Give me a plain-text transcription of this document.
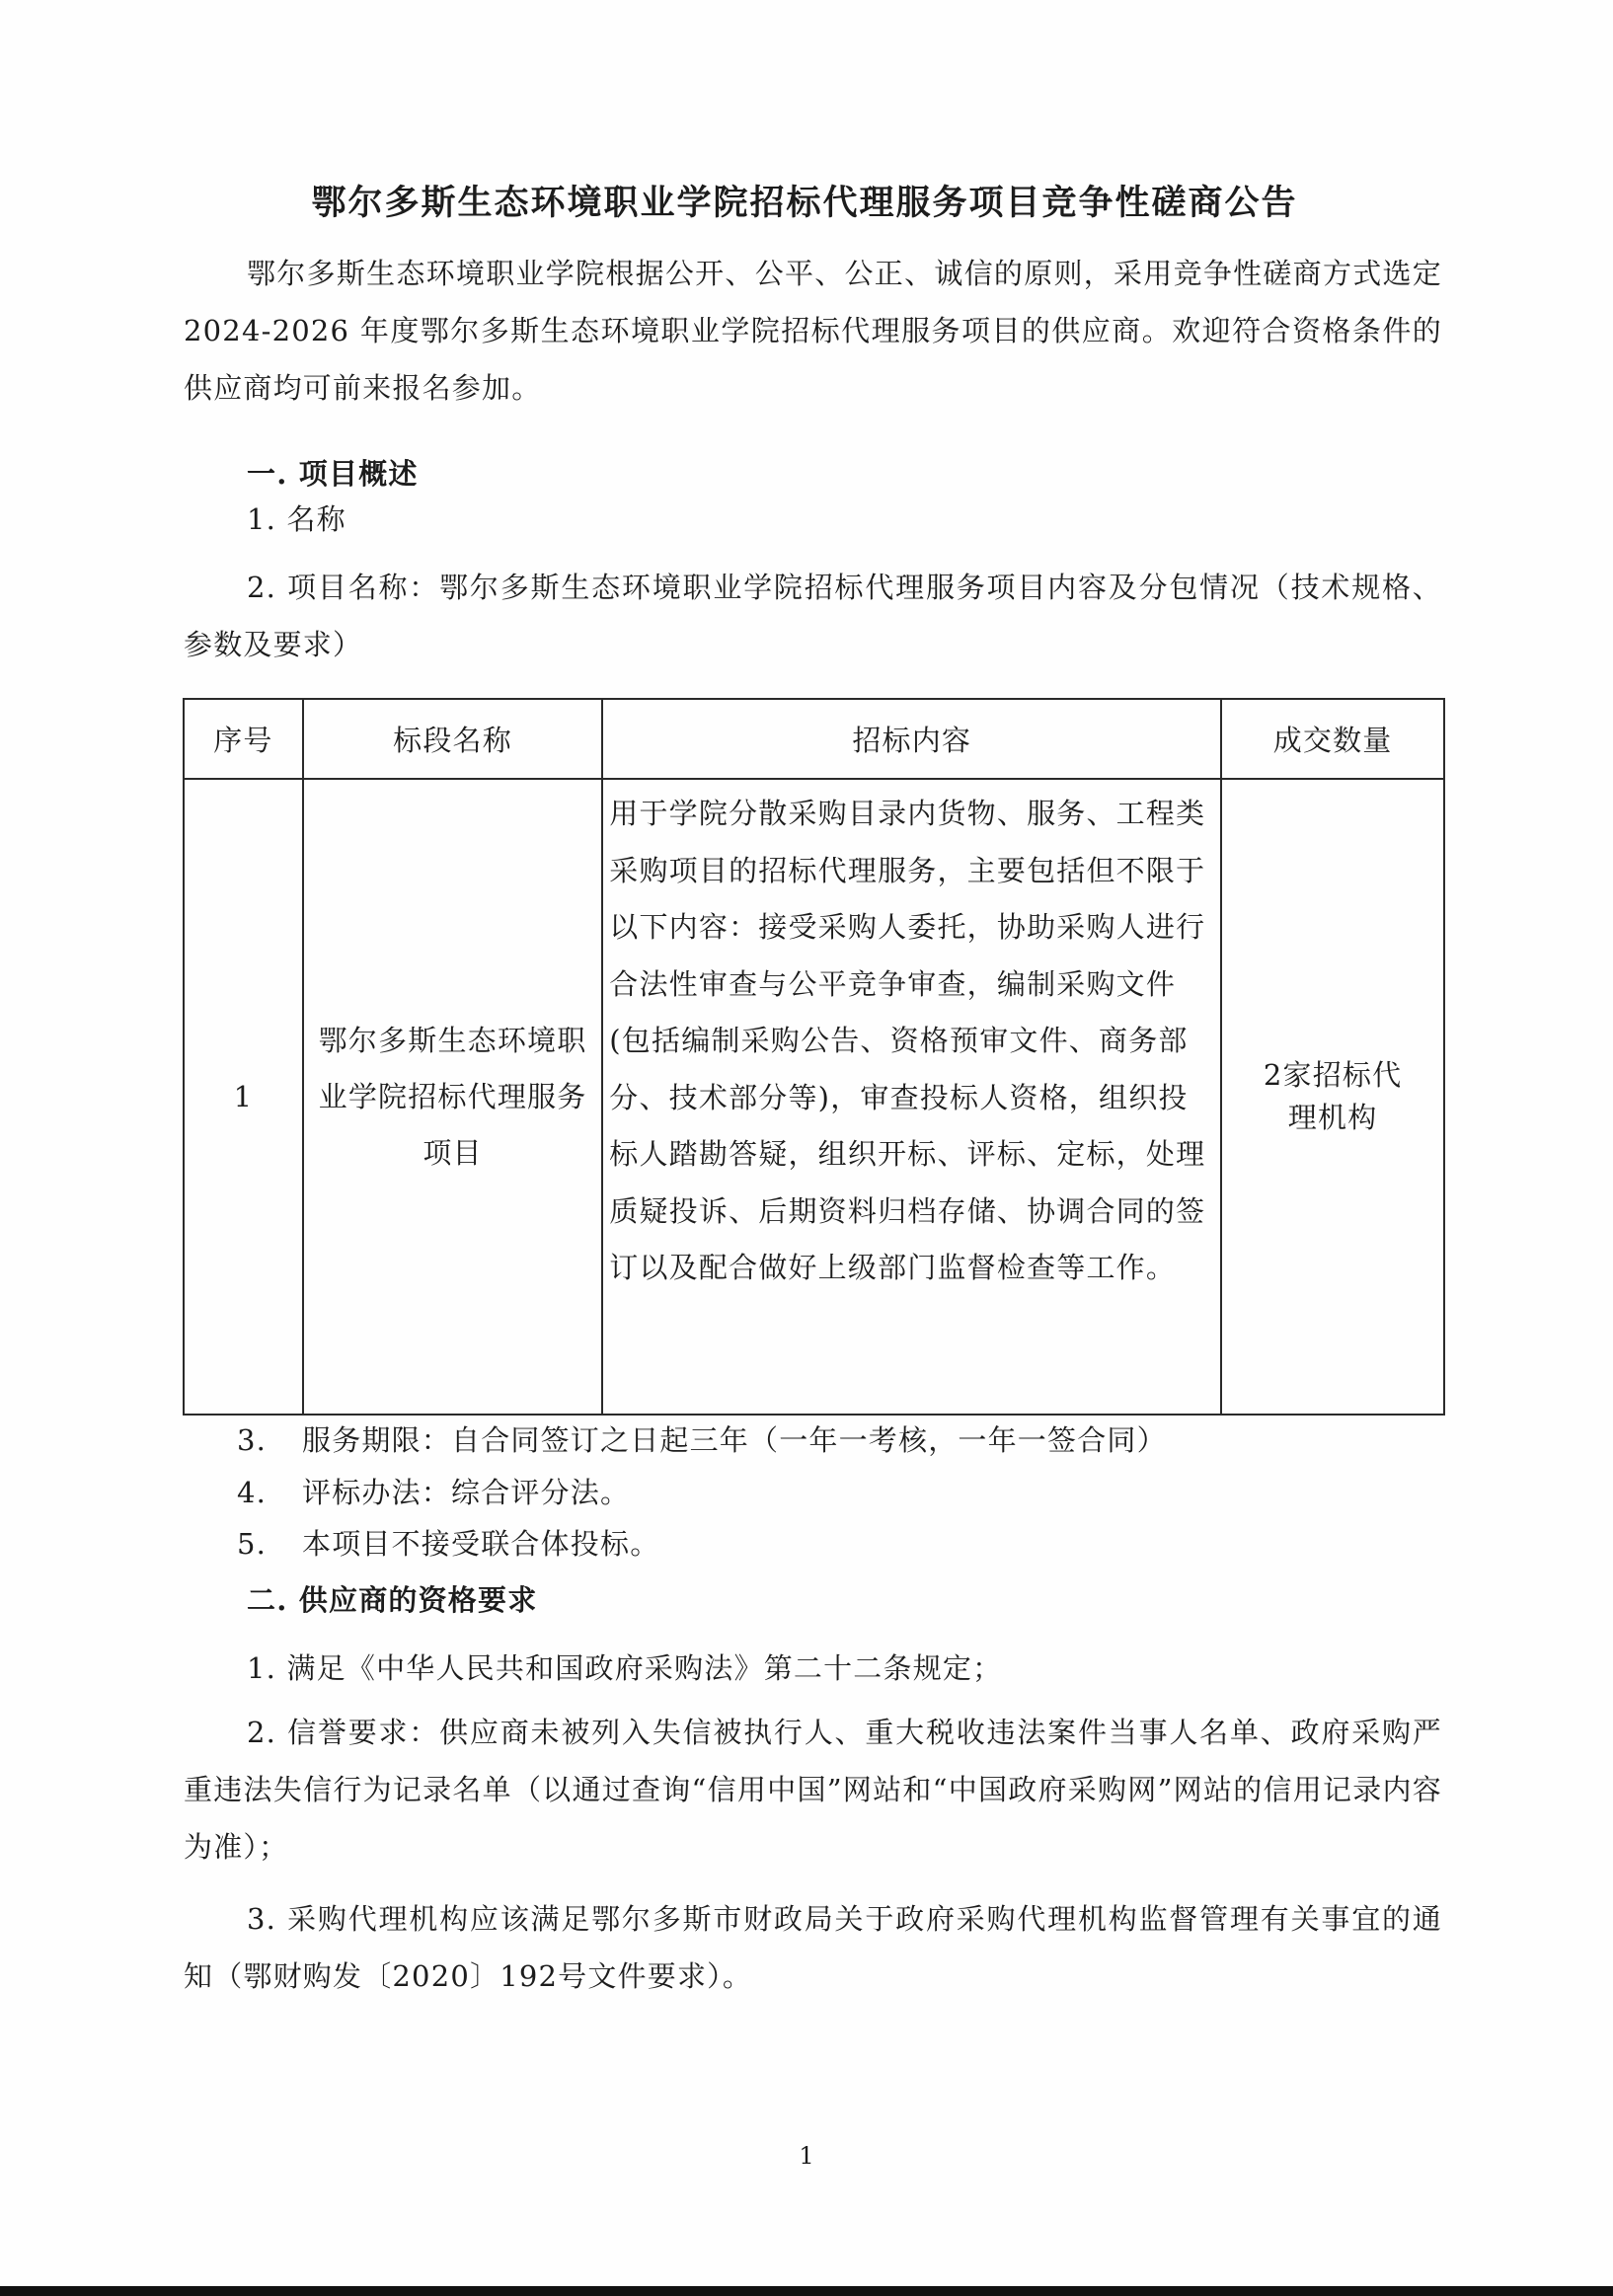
鄂尔多斯生态环境职业学院招标代理服务项目竞争性磋商公告

鄂尔多斯生态环境职业学院根据公开、公平、公正、诚信的原则，采用竞争性磋商方式选定 2024-2026 年度鄂尔多斯生态环境职业学院招标代理服务项目的供应商。欢迎符合资格条件的供应商均可前来报名参加。

一. 项目概述

1. 名称

2. 项目名称：鄂尔多斯生态环境职业学院招标代理服务项目内容及分包情况（技术规格、参数及要求）

序号	标段名称	招标内容	成交数量
1	鄂尔多斯生态环境职业学院招标代理服务项目	用于学院分散采购目录内货物、服务、工程类采购项目的招标代理服务，主要包括但不限于以下内容：接受采购人委托，协助采购人进行合法性审查与公平竞争审查，编制采购文件(包括编制采购公告、资格预审文件、商务部分、技术部分等)，审查投标人资格，组织投标人踏勘答疑，组织开标、评标、定标，处理质疑投诉、后期资料归档存储、协调合同的签订以及配合做好上级部门监督检查等工作。	2家招标代理机构

3. 服务期限：自合同签订之日起三年（一年一考核，一年一签合同）

4. 评标办法：综合评分法。

5. 本项目不接受联合体投标。

二. 供应商的资格要求

1. 满足《中华人民共和国政府采购法》第二十二条规定；

2. 信誉要求：供应商未被列入失信被执行人、重大税收违法案件当事人名单、政府采购严重违法失信行为记录名单（以通过查询“信用中国”网站和“中国政府采购网”网站的信用记录内容为准）；

3. 采购代理机构应该满足鄂尔多斯市财政局关于政府采购代理机构监督管理有关事宜的通知（鄂财购发〔2020〕192号文件要求）。

1
